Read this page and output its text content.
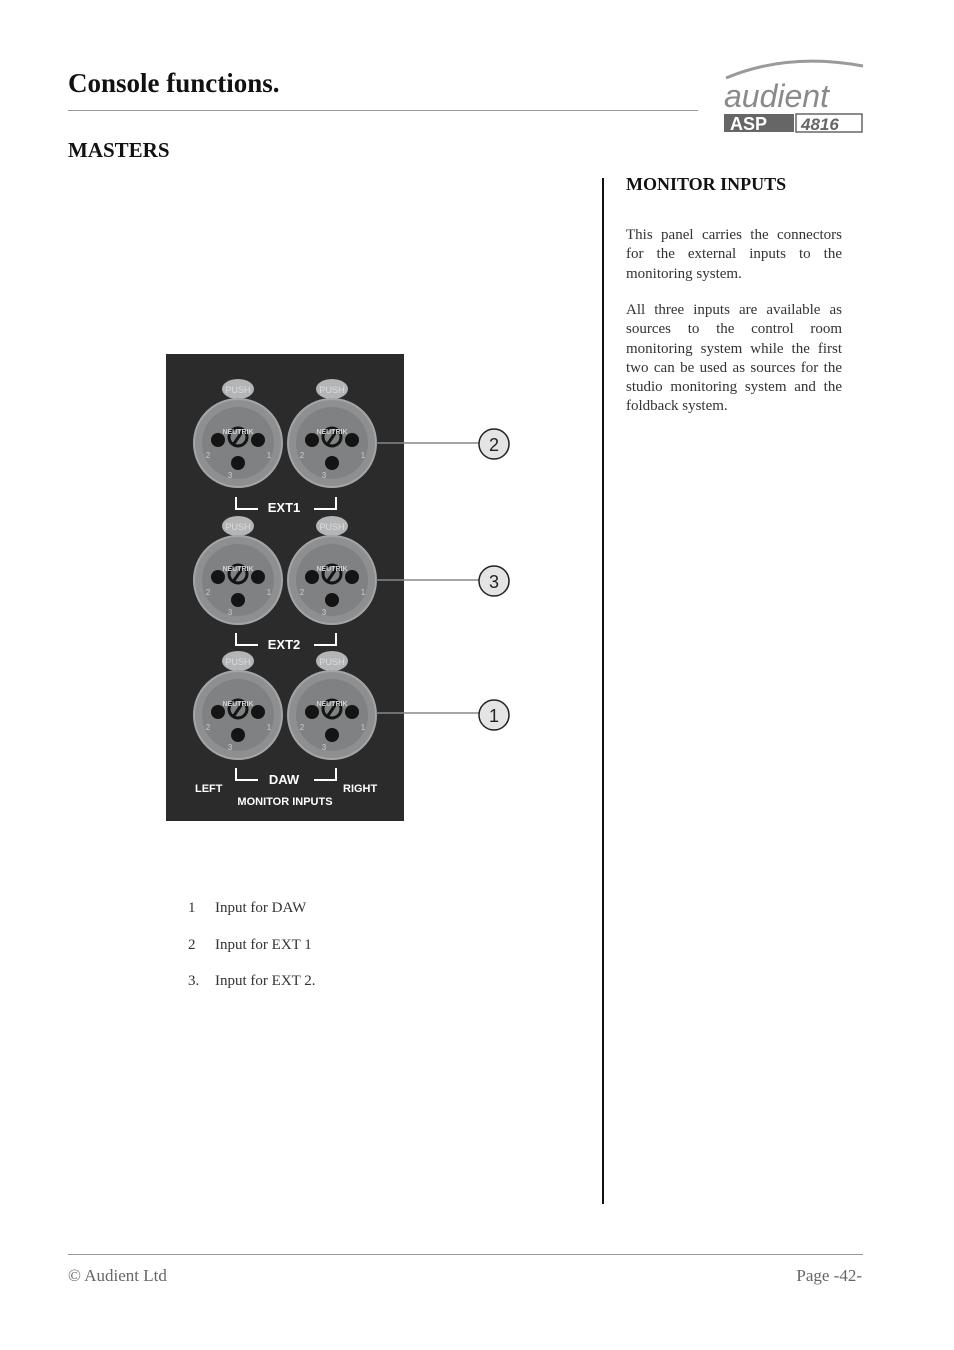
Console functions.	audient
ASP 4816
MASTERS
MONITOR INPUTS
This panel carries the connectors for the external inputs to the monitoring system.
All three inputs are available as sources to the control room monitoring system while the first two can be used as sources for the studio monitoring system and the foldback system.
PUSH	PUSH
PUSH	PUSH
PUSH	PUSH
NEUTRIK	NEUTRIK
NEUTRIK	NEUTRIK
NEUTRIK	NEUTRIK
1
2
3
1
2
3
1
2
3
1
2
3
1
2
3
1
2
3
EXT1
EXT2
DAW
LEFT	RIGHT
MONITOR INPUTS
2
3
1
1 Input for DAW
2 Input for EXT 1
3. Input for EXT 2.
© Audient Ltd	Page -42-
